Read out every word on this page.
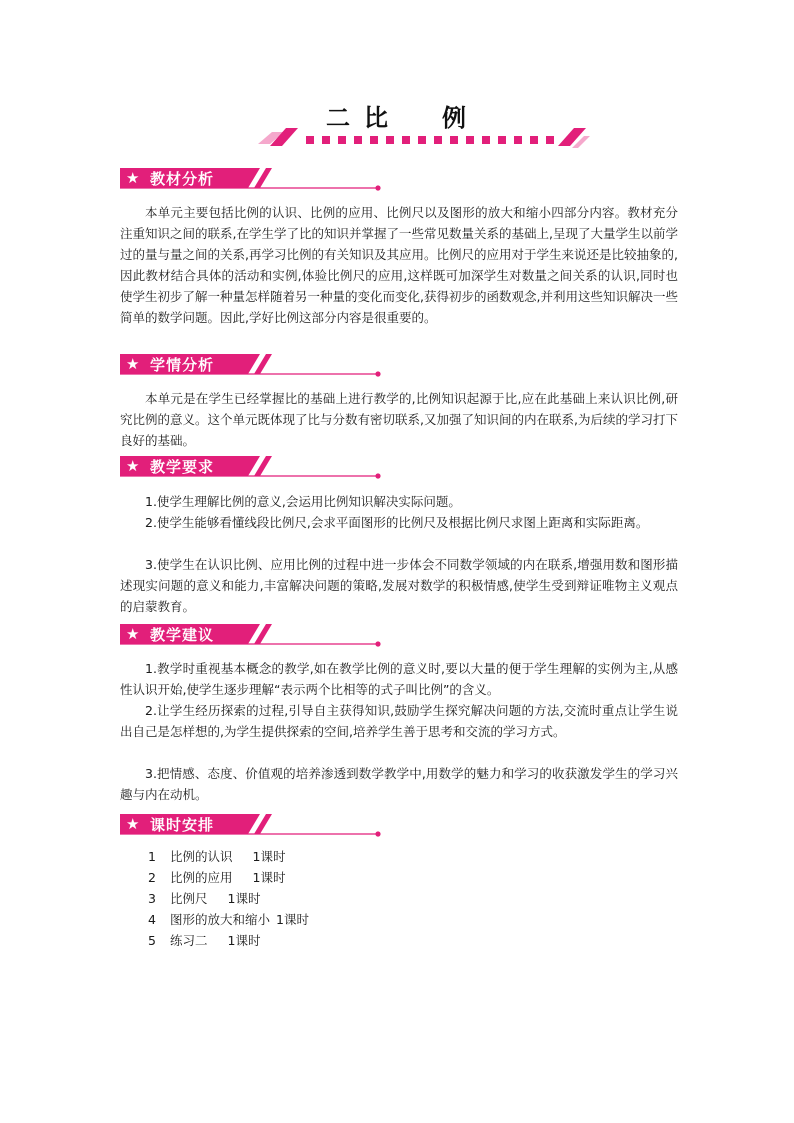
二 比 例
★ 教材分析

本单元主要包括比例的认识、比例的应用、比例尺以及图形的放大和缩小四部分内容。教材充分注重知识之间的联系,在学生学了比的知识并掌握了一些常见数量关系的基础上,呈现了大量学生以前学过的量与量之间的关系,再学习比例的有关知识及其应用。比例尺的应用对于学生来说还是比较抽象的,因此教材结合具体的活动和实例,体验比例尺的应用,这样既可加深学生对数量之间关系的认识,同时也使学生初步了解一种量怎样随着另一种量的变化而变化,获得初步的函数观念,并利用这些知识解决一些简单的数学问题。因此,学好比例这部分内容是很重要的。

★ 学情分析

本单元是在学生已经掌握比的基础上进行教学的,比例知识起源于比,应在此基础上来认识比例,研究比例的意义。这个单元既体现了比与分数有密切联系,又加强了知识间的内在联系,为后续的学习打下良好的基础。

★ 教学要求

1.使学生理解比例的意义,会运用比例知识解决实际问题。

2.使学生能够看懂线段比例尺,会求平面图形的比例尺及根据比例尺求图上距离和实际距离。

3.使学生在认识比例、应用比例的过程中进一步体会不同数学领域的内在联系,增强用数和图形描述现实问题的意义和能力,丰富解决问题的策略,发展对数学的积极情感,使学生受到辩证唯物主义观点的启蒙教育。

★ 教学建议

1.教学时重视基本概念的教学,如在教学比例的意义时,要以大量的便于学生理解的实例为主,从感性认识开始,使学生逐步理解“表示两个比相等的式子叫比例”的含义。

2.让学生经历探索的过程,引导自主获得知识,鼓励学生探究解决问题的方法,交流时重点让学生说出自己是怎样想的,为学生提供探索的空间,培养学生善于思考和交流的学习方式。

3.把情感、态度、价值观的培养渗透到数学教学中,用数学的魅力和学习的收获激发学生的学习兴趣与内在动机。

★ 课时安排
1 比例的认识 1课时
2 比例的应用 1课时
3 比例尺 1课时
4 图形的放大和缩小 1课时
5 练习二 1课时
